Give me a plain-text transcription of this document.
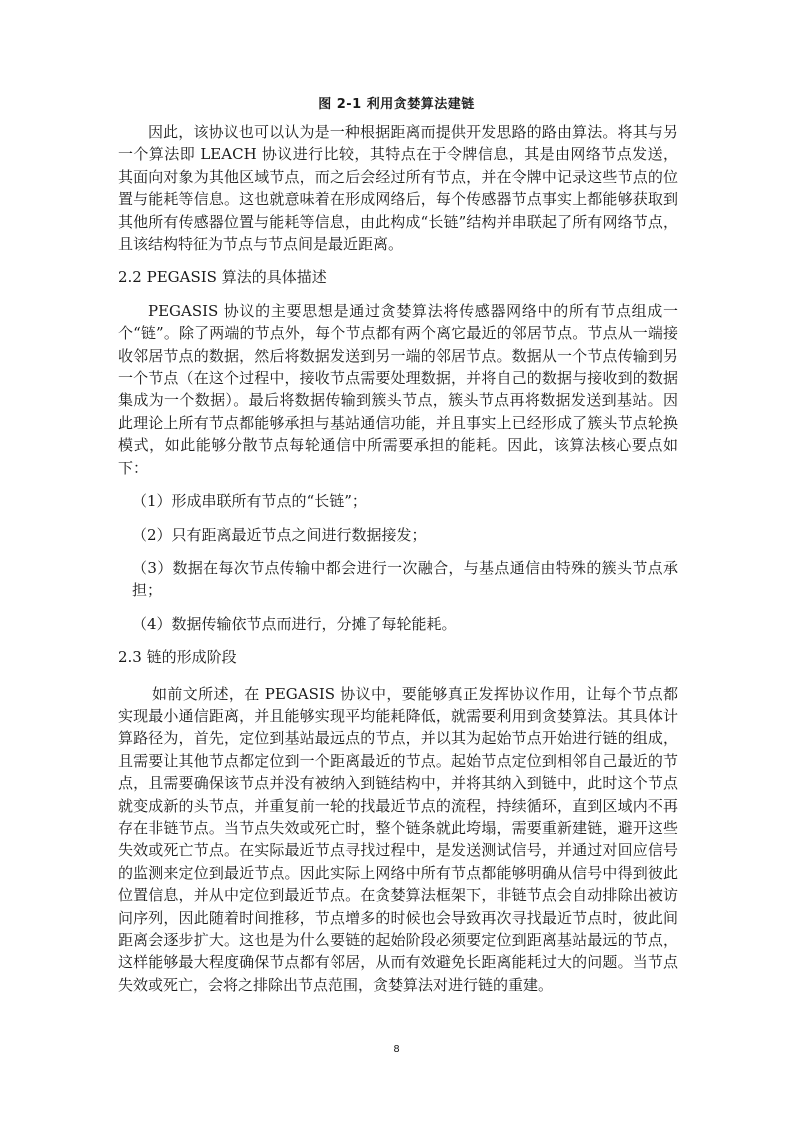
图 2-1 利用贪婪算法建链

因此，该协议也可以认为是一种根据距离而提供开发思路的路由算法。将其与另一个算法即 LEACH 协议进行比较，其特点在于令牌信息，其是由网络节点发送，其面向对象为其他区域节点，而之后会经过所有节点，并在令牌中记录这些节点的位置与能耗等信息。这也就意味着在形成网络后，每个传感器节点事实上都能够获取到其他所有传感器位置与能耗等信息，由此构成“长链”结构并串联起了所有网络节点，且该结构特征为节点与节点间是最近距离。

2.2 PEGASIS 算法的具体描述

PEGASIS 协议的主要思想是通过贪婪算法将传感器网络中的所有节点组成一个“链”。除了两端的节点外，每个节点都有两个离它最近的邻居节点。节点从一端接收邻居节点的数据，然后将数据发送到另一端的邻居节点。数据从一个节点传输到另一个节点（在这个过程中，接收节点需要处理数据，并将自己的数据与接收到的数据集成为一个数据）。最后将数据传输到簇头节点，簇头节点再将数据发送到基站。因此理论上所有节点都能够承担与基站通信功能，并且事实上已经形成了簇头节点轮换模式，如此能够分散节点每轮通信中所需要承担的能耗。因此，该算法核心要点如下：

（1）形成串联所有节点的“长链”；

（2）只有距离最近节点之间进行数据接发；

（3）数据在每次节点传输中都会进行一次融合，与基点通信由特殊的簇头节点承担；

（4）数据传输依节点而进行，分摊了每轮能耗。

2.3 链的形成阶段

如前文所述，在 PEGASIS 协议中，要能够真正发挥协议作用，让每个节点都实现最小通信距离，并且能够实现平均能耗降低，就需要利用到贪婪算法。其具体计算路径为，首先，定位到基站最远点的节点，并以其为起始节点开始进行链的组成，且需要让其他节点都定位到一个距离最近的节点。起始节点定位到相邻自己最近的节点，且需要确保该节点并没有被纳入到链结构中，并将其纳入到链中，此时这个节点就变成新的头节点，并重复前一轮的找最近节点的流程，持续循环，直到区域内不再存在非链节点。当节点失效或死亡时，整个链条就此垮塌，需要重新建链，避开这些失效或死亡节点。在实际最近节点寻找过程中，是发送测试信号，并通过对回应信号的监测来定位到最近节点。因此实际上网络中所有节点都能够明确从信号中得到彼此位置信息，并从中定位到最近节点。在贪婪算法框架下，非链节点会自动排除出被访问序列，因此随着时间推移，节点增多的时候也会导致再次寻找最近节点时，彼此间距离会逐步扩大。这也是为什么要链的起始阶段必须要定位到距离基站最远的节点，这样能够最大程度确保节点都有邻居，从而有效避免长距离能耗过大的问题。当节点失效或死亡，会将之排除出节点范围，贪婪算法对进行链的重建。

8
